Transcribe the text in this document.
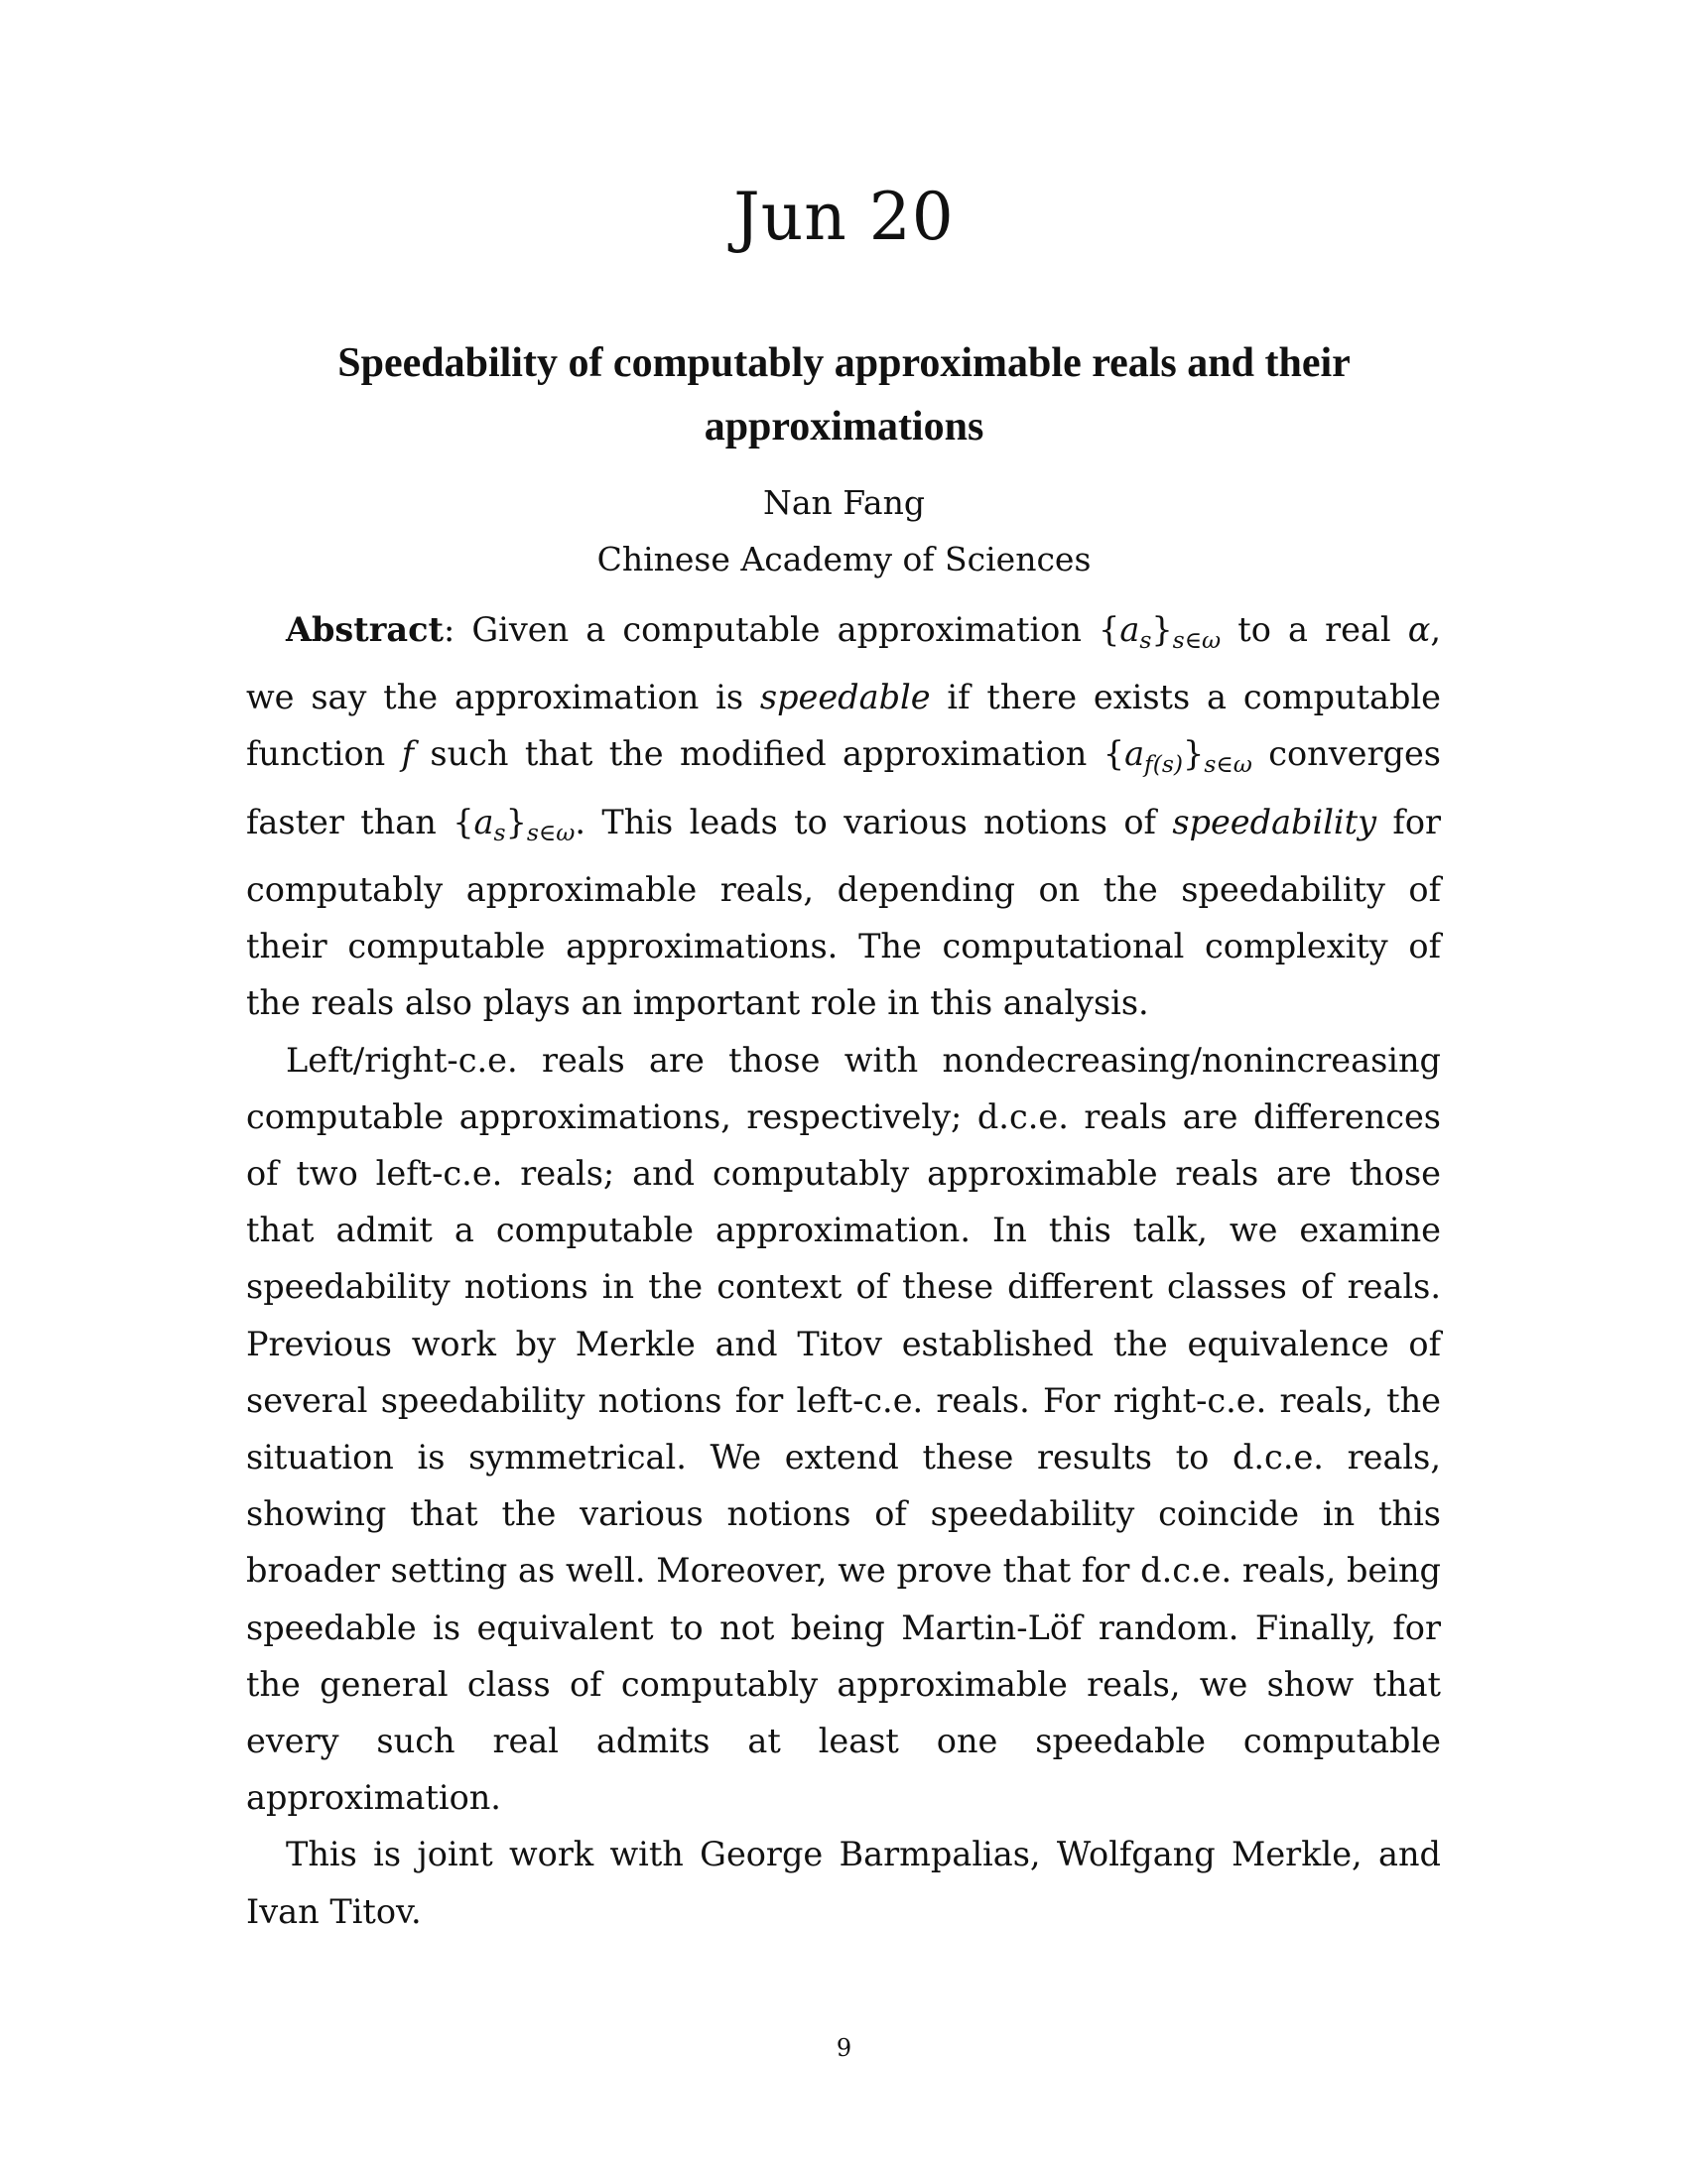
Jun 20
Speedability of computably approximable reals and their approximations
Nan Fang
Chinese Academy of Sciences

Abstract: Given a computable approximation $\{a_s\}_{s\in\omega}$ to a real α, we say the approximation is speedable if there exists a computable function f such that the modified approximation $\{a_{f(s)}\}_{s\in\omega}$ converges faster than $\{a_s\}_{s\in\omega}$. This leads to various notions of speedability for computably approximable reals, depending on the speedability of their computable approximations. The computational complexity of the reals also plays an important role in this analysis.

Left/right-c.e. reals are those with nondecreasing/nonincreasing computable approximations, respectively; d.c.e. reals are differences of two left-c.e. reals; and computably approximable reals are those that admit a computable approximation. In this talk, we examine speedability notions in the context of these different classes of reals. Previous work by Merkle and Titov established the equivalence of several speedability notions for left-c.e. reals. For right-c.e. reals, the situation is symmetrical. We extend these results to d.c.e. reals, showing that the various notions of speedability coincide in this broader setting as well. Moreover, we prove that for d.c.e. reals, being speedable is equivalent to not being Martin-Löf random. Finally, for the general class of computably approximable reals, we show that every such real admits at least one speedable computable approximation.

This is joint work with George Barmpalias, Wolfgang Merkle, and Ivan Titov.

9
